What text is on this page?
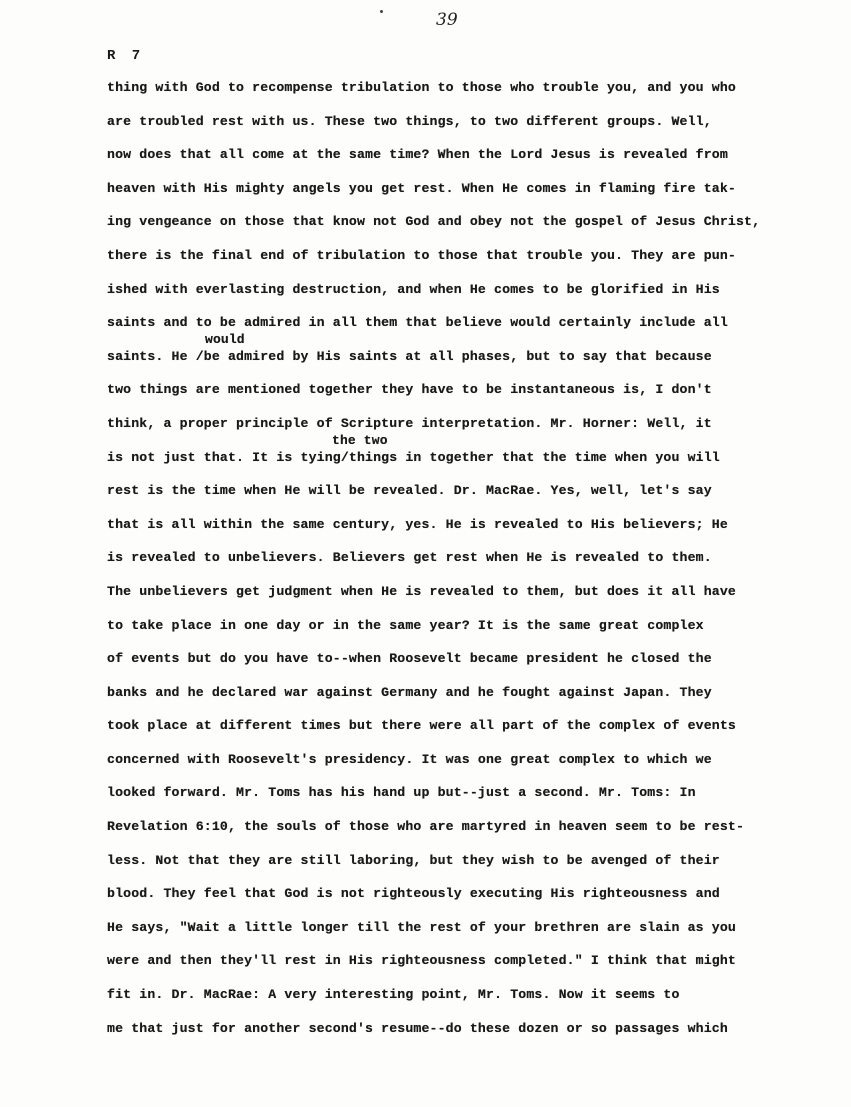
39
R 7
thing with God to recompense tribulation to those who trouble you, and you who
are troubled rest with us. These two things, to two different groups. Well,
now does that all come at the same time? When the Lord Jesus is revealed from
heaven with His mighty angels you get rest. When He comes in flaming fire tak-
ing vengeance on those that know not God and obey not the gospel of Jesus Christ,
there is the final end of tribulation to those that trouble you. They are pun-
ished with everlasting destruction, and when He comes to be glorified in His
saints and to be admired in all them that believe would certainly include all
would
saints. He /be admired by His saints at all phases, but to say that because
two things are mentioned together they have to be instantaneous is, I don't
think, a proper principle of Scripture interpretation. Mr. Horner: Well, it
the two
is not just that. It is tying/things in together that the time when you will
rest is the time when He will be revealed. Dr. MacRae. Yes, well, let's say
that is all within the same century, yes. He is revealed to His believers; He
is revealed to unbelievers. Believers get rest when He is revealed to them.
The unbelievers get judgment when He is revealed to them, but does it all have
to take place in one day or in the same year? It is the same great complex
of events but do you have to--when Roosevelt became president he closed the
banks and he declared war against Germany and he fought against Japan. They
took place at different times but there were all part of the complex of events
concerned with Roosevelt's presidency. It was one great complex to which we
looked forward. Mr. Toms has his hand up but--just a second. Mr. Toms: In
Revelation 6:10, the souls of those who are martyred in heaven seem to be rest-
less. Not that they are still laboring, but they wish to be avenged of their
blood. They feel that God is not righteously executing His righteousness and
He says, "Wait a little longer till the rest of your brethren are slain as you
were and then they'll rest in His righteousness completed." I think that might
fit in. Dr. MacRae: A very interesting point, Mr. Toms. Now it seems to
me that just for another second's resume--do these dozen or so passages which
